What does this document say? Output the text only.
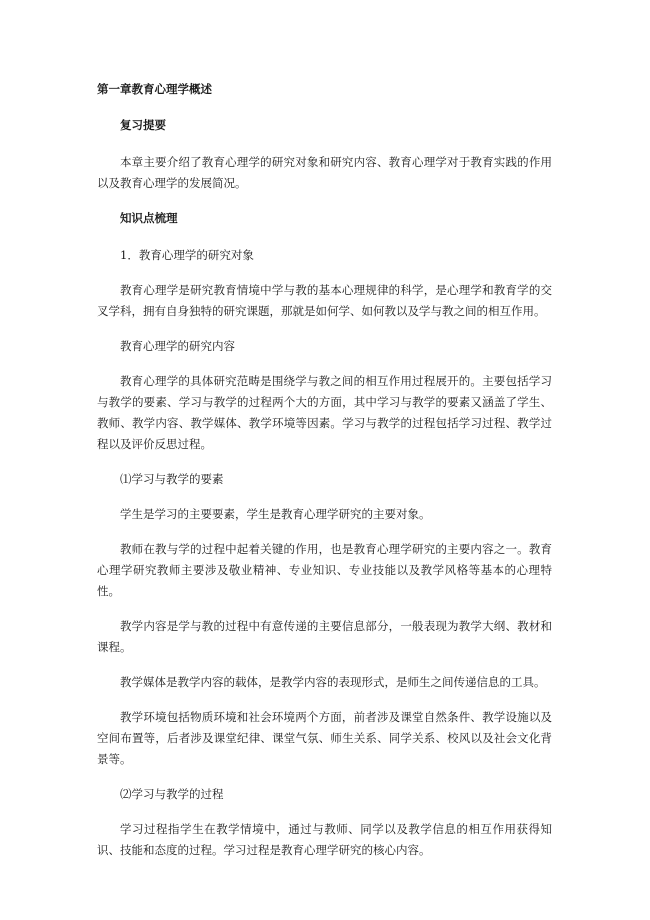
第一章教育心理学概述
复习提要

本章主要介绍了教育心理学的研究对象和研究内容、教育心理学对于教育实践的作用以及教育心理学的发展简况。

知识点梳理

1．教育心理学的研究对象

教育心理学是研究教育情境中学与教的基本心理规律的科学，是心理学和教育学的交叉学科，拥有自身独特的研究课题，那就是如何学、如何教以及学与教之间的相互作用。

教育心理学的研究内容

教育心理学的具体研究范畴是围绕学与教之间的相互作用过程展开的。主要包括学习与教学的要素、学习与教学的过程两个大的方面，其中学习与教学的要素又涵盖了学生、教师、教学内容、教学媒体、教学环境等因素。学习与教学的过程包括学习过程、教学过程以及评价反思过程。

⑴学习与教学的要素

学生是学习的主要要素，学生是教育心理学研究的主要对象。

教师在教与学的过程中起着关键的作用，也是教育心理学研究的主要内容之一。教育心理学研究教师主要涉及敬业精神、专业知识、专业技能以及教学风格等基本的心理特性。

教学内容是学与教的过程中有意传递的主要信息部分，一般表现为教学大纲、教材和课程。

教学媒体是教学内容的载体，是教学内容的表现形式，是师生之间传递信息的工具。

教学环境包括物质环境和社会环境两个方面，前者涉及课堂自然条件、教学设施以及空间布置等，后者涉及课堂纪律、课堂气氛、师生关系、同学关系、校风以及社会文化背景等。

⑵学习与教学的过程

学习过程指学生在教学情境中，通过与教师、同学以及教学信息的相互作用获得知识、技能和态度的过程。学习过程是教育心理学研究的核心内容。
